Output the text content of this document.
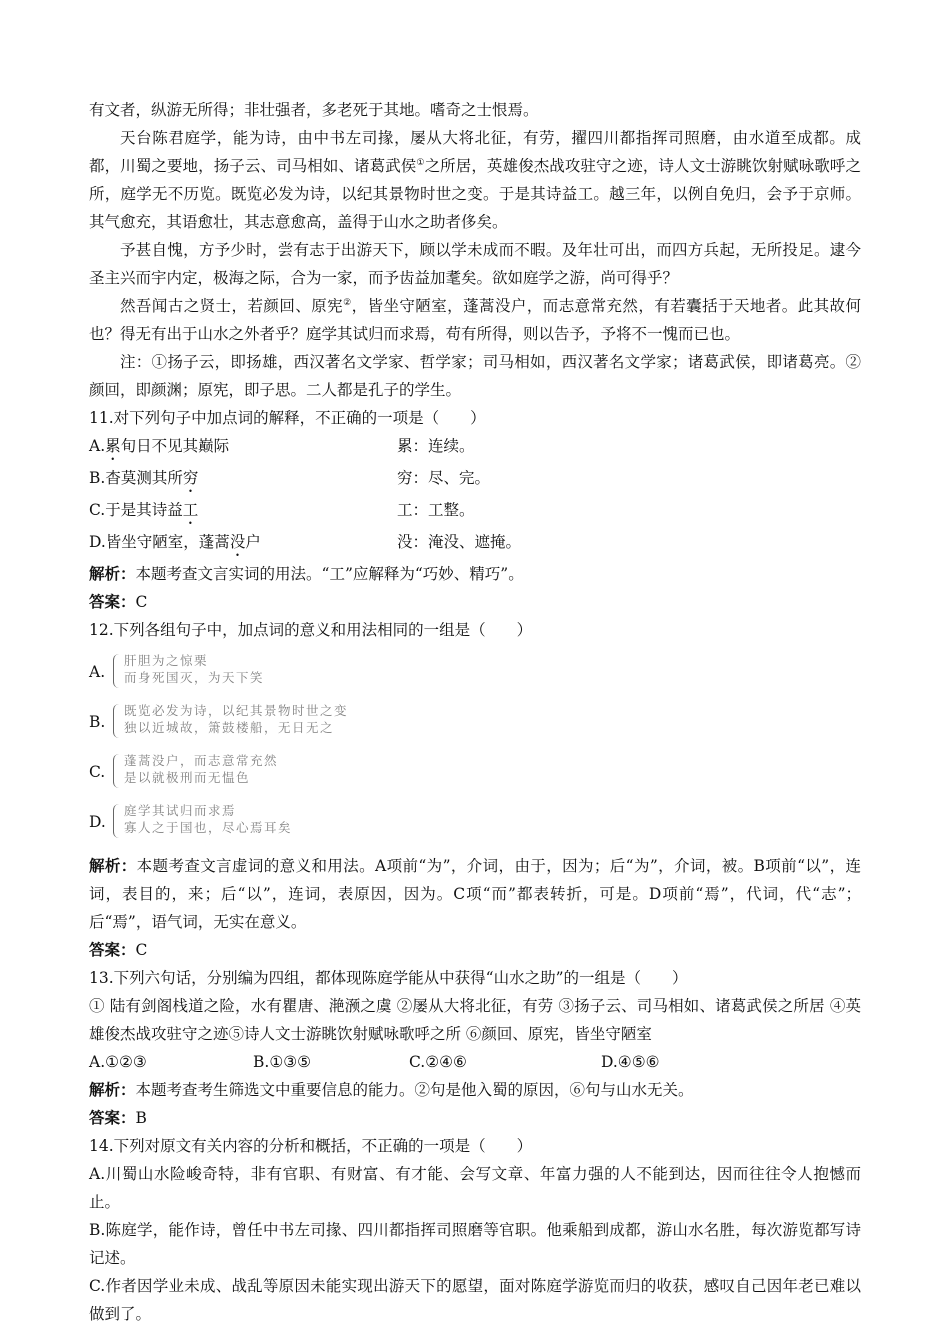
有文者，纵游无所得；非壮强者，多老死于其地。嗜奇之士恨焉。

天台陈君庭学，能为诗，由中书左司掾，屡从大将北征，有劳，擢四川都指挥司照磨，由水道至成都。成都，川蜀之要地，扬子云、司马相如、诸葛武侯①之所居，英雄俊杰战攻驻守之迹，诗人文士游眺饮射赋咏歌呼之所，庭学无不历览。既览必发为诗，以纪其景物时世之变。于是其诗益工。越三年，以例自免归，会予于京师。其气愈充，其语愈壮，其志意愈高，盖得于山水之助者侈矣。

予甚自愧，方予少时，尝有志于出游天下，顾以学未成而不暇。及年壮可出，而四方兵起，无所投足。逮今圣主兴而宇内定，极海之际，合为一家，而予齿益加耄矣。欲如庭学之游，尚可得乎？

然吾闻古之贤士，若颜回、原宪②，皆坐守陋室，蓬蒿没户，而志意常充然，有若囊括于天地者。此其故何也？得无有出于山水之外者乎？庭学其试归而求焉，苟有所得，则以告予，予将不一愧而已也。

注：①扬子云，即扬雄，西汉著名文学家、哲学家；司马相如，西汉著名文学家；诸葛武侯，即诸葛亮。②颜回，即颜渊；原宪，即子思。二人都是孔子的学生。

11.对下列句子中加点词的解释，不正确的一项是（　　）

A.累旬日不见其巅际	累：连续。
B.杳莫测其所穷	穷：尽、完。
C.于是其诗益工	工：工整。
D.皆坐守陋室，蓬蒿没户	没：淹没、遮掩。

解析：本题考查文言实词的用法。“工”应解释为“巧妙、精巧”。

答案：C

12.下列各组句子中，加点词的意义和用法相同的一组是（　　）

A.
肝胆为之惊栗
而身死国灭，为天下笑
B.
既览必发为诗，以纪其景物时世之变
独以近城故，箫鼓楼船，无日无之
C.
蓬蒿没户，而志意常充然
是以就极刑而无愠色
D.
庭学其试归而求焉
寡人之于国也，尽心焉耳矣

解析：本题考查文言虚词的意义和用法。A项前“为”，介词，由于，因为；后“为”，介词，被。B项前“以”，连词，表目的，来；后“以”，连词，表原因，因为。C项“而”都表转折，可是。D项前“焉”，代词，代“志”；后“焉”，语气词，无实在意义。

答案：C

13.下列六句话，分别编为四组，都体现陈庭学能从中获得“山水之助”的一组是（　　）

① 陆有剑阁栈道之险，水有瞿唐、滟滪之虞 ②屡从大将北征，有劳 ③扬子云、司马相如、诸葛武侯之所居 ④英雄俊杰战攻驻守之迹⑤诗人文士游眺饮射赋咏歌呼之所 ⑥颜回、原宪，皆坐守陋室

A.①②③	B.①③⑤	C.②④⑥	D.④⑤⑥

解析：本题考查考生筛选文中重要信息的能力。②句是他入蜀的原因，⑥句与山水无关。

答案：B

14.下列对原文有关内容的分析和概括，不正确的一项是（　　）

A.川蜀山水险峻奇特，非有官职、有财富、有才能、会写文章、年富力强的人不能到达，因而往往令人抱憾而止。

B.陈庭学，能作诗，曾任中书左司掾、四川都指挥司照磨等官职。他乘船到成都，游山水名胜，每次游览都写诗记述。

C.作者因学业未成、战乱等原因未能实现出游天下的愿望，面对陈庭学游览而归的收获，感叹自己因年老已难以做到了。
